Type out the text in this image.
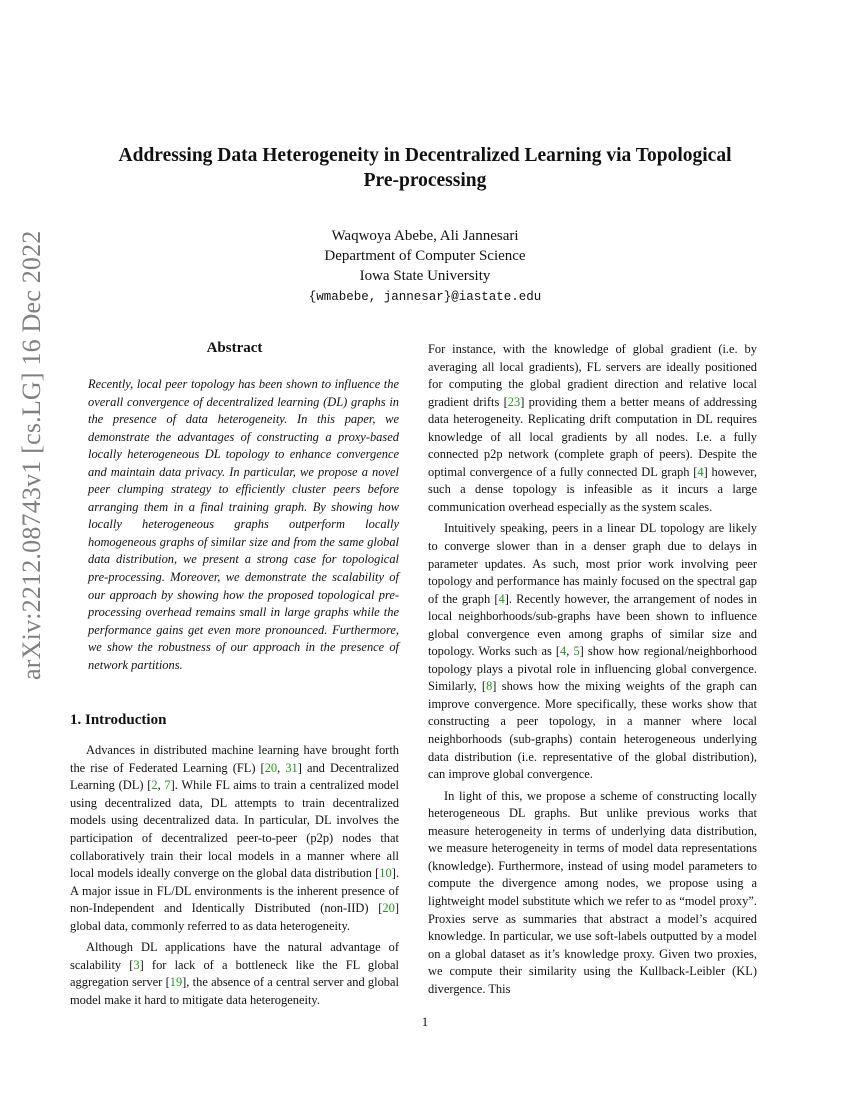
arXiv:2212.08743v1 [cs.LG] 16 Dec 2022
Addressing Data Heterogeneity in Decentralized Learning via Topological
Pre-processing
Waqwoya Abebe, Ali Jannesari
Department of Computer Science
Iowa State University
{wmabebe, jannesar}@iastate.edu
Abstract

Recently, local peer topology has been shown to influence the overall convergence of decentralized learning (DL) graphs in the presence of data heterogeneity. In this paper, we demonstrate the advantages of constructing a proxy-based locally heterogeneous DL topology to enhance convergence and maintain data privacy. In particular, we propose a novel peer clumping strategy to efficiently cluster peers before arranging them in a final training graph. By showing how locally heterogeneous graphs outperform locally homogeneous graphs of similar size and from the same global data distribution, we present a strong case for topological pre-processing. Moreover, we demonstrate the scalability of our approach by showing how the proposed topological pre-processing overhead remains small in large graphs while the performance gains get even more pronounced. Furthermore, we show the robustness of our approach in the presence of network partitions.

1. Introduction

Advances in distributed machine learning have brought forth the rise of Federated Learning (FL) [20, 31] and Decentralized Learning (DL) [2, 7]. While FL aims to train a centralized model using decentralized data, DL attempts to train decentralized models using decentralized data. In particular, DL involves the participation of decentralized peer-to-peer (p2p) nodes that collaboratively train their local models in a manner where all local models ideally converge on the global data distribution [10]. A major issue in FL/DL environments is the inherent presence of non-Independent and Identically Distributed (non-IID) [20] global data, commonly referred to as data heterogeneity.

Although DL applications have the natural advantage of scalability [3] for lack of a bottleneck like the FL global aggregation server [19], the absence of a central server and global model make it hard to mitigate data heterogeneity.

For instance, with the knowledge of global gradient (i.e. by averaging all local gradients), FL servers are ideally positioned for computing the global gradient direction and relative local gradient drifts [23] providing them a better means of addressing data heterogeneity. Replicating drift computation in DL requires knowledge of all local gradients by all nodes. I.e. a fully connected p2p network (complete graph of peers). Despite the optimal convergence of a fully connected DL graph [4] however, such a dense topology is infeasible as it incurs a large communication overhead especially as the system scales.

Intuitively speaking, peers in a linear DL topology are likely to converge slower than in a denser graph due to delays in parameter updates. As such, most prior work involving peer topology and performance has mainly focused on the spectral gap of the graph [4]. Recently however, the arrangement of nodes in local neighborhoods/sub-graphs have been shown to influence global convergence even among graphs of similar size and topology. Works such as [4, 5] show how regional/neighborhood topology plays a pivotal role in influencing global convergence. Similarly, [8] shows how the mixing weights of the graph can improve convergence. More specifically, these works show that constructing a peer topology, in a manner where local neighborhoods (sub-graphs) contain heterogeneous underlying data distribution (i.e. representative of the global distribution), can improve global convergence.

In light of this, we propose a scheme of constructing locally heterogeneous DL graphs. But unlike previous works that measure heterogeneity in terms of underlying data distribution, we measure heterogeneity in terms of model data representations (knowledge). Furthermore, instead of using model parameters to compute the divergence among nodes, we propose using a lightweight model substitute which we refer to as “model proxy”. Proxies serve as summaries that abstract a model’s acquired knowledge. In particular, we use soft-labels outputted by a model on a global dataset as it’s knowledge proxy. Given two proxies, we compute their similarity using the Kullback-Leibler (KL) divergence. This

1
